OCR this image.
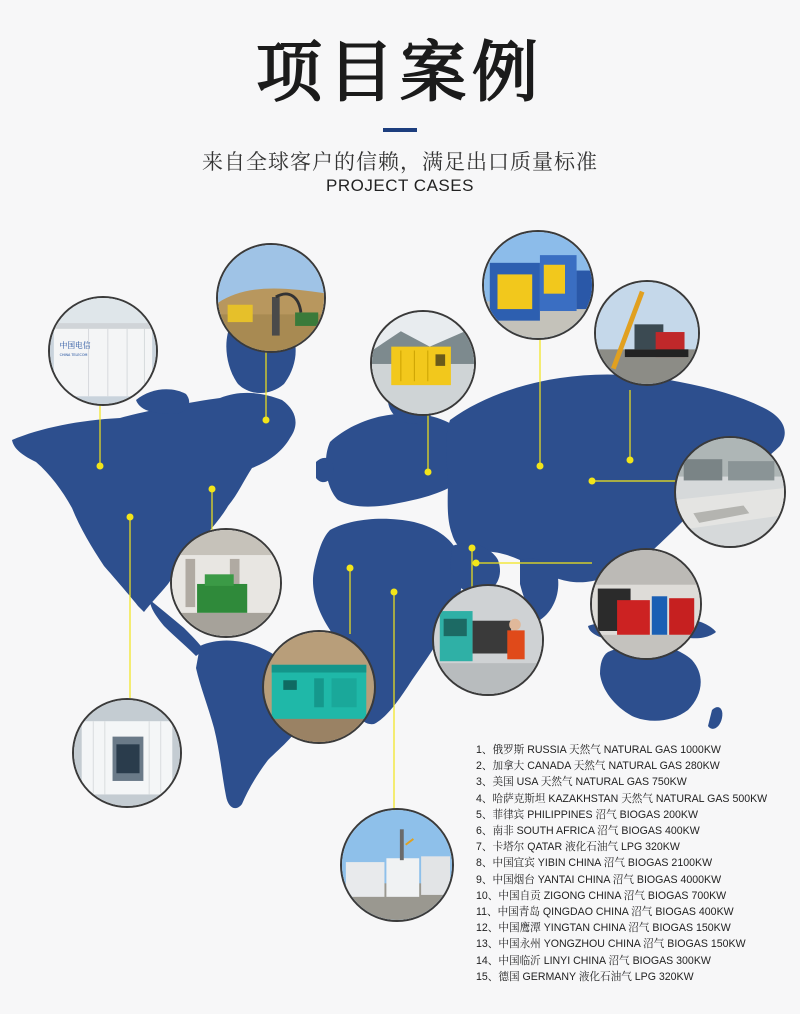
项目案例
来自全球客户的信赖，满足出口质量标准
PROJECT CASES
中国电信
CHINA TELECOM
1、俄罗斯 RUSSIA 天然气 NATURAL GAS 1000KW
2、加拿大 CANADA 天然气 NATURAL GAS 280KW
3、美国 USA 天然气 NATURAL GAS 750KW
4、哈萨克斯坦 KAZAKHSTAN 天然气 NATURAL GAS 500KW
5、菲律宾 PHILIPPINES 沼气 BIOGAS 200KW
6、南非 SOUTH AFRICA 沼气 BIOGAS 400KW
7、卡塔尔 QATAR 液化石油气 LPG 320KW
8、中国宜宾 YIBIN CHINA 沼气 BIOGAS 2100KW
9、中国烟台 YANTAI CHINA 沼气 BIOGAS 4000KW
10、中国自贡 ZIGONG CHINA 沼气 BIOGAS 700KW
11、中国青岛 QINGDAO CHINA 沼气 BIOGAS 400KW
12、中国鹰潭 YINGTAN CHINA 沼气 BIOGAS 150KW
13、中国永州 YONGZHOU CHINA 沼气 BIOGAS 150KW
14、中国临沂 LINYI CHINA 沼气 BIOGAS 300KW
15、德国 GERMANY 液化石油气 LPG 320KW
